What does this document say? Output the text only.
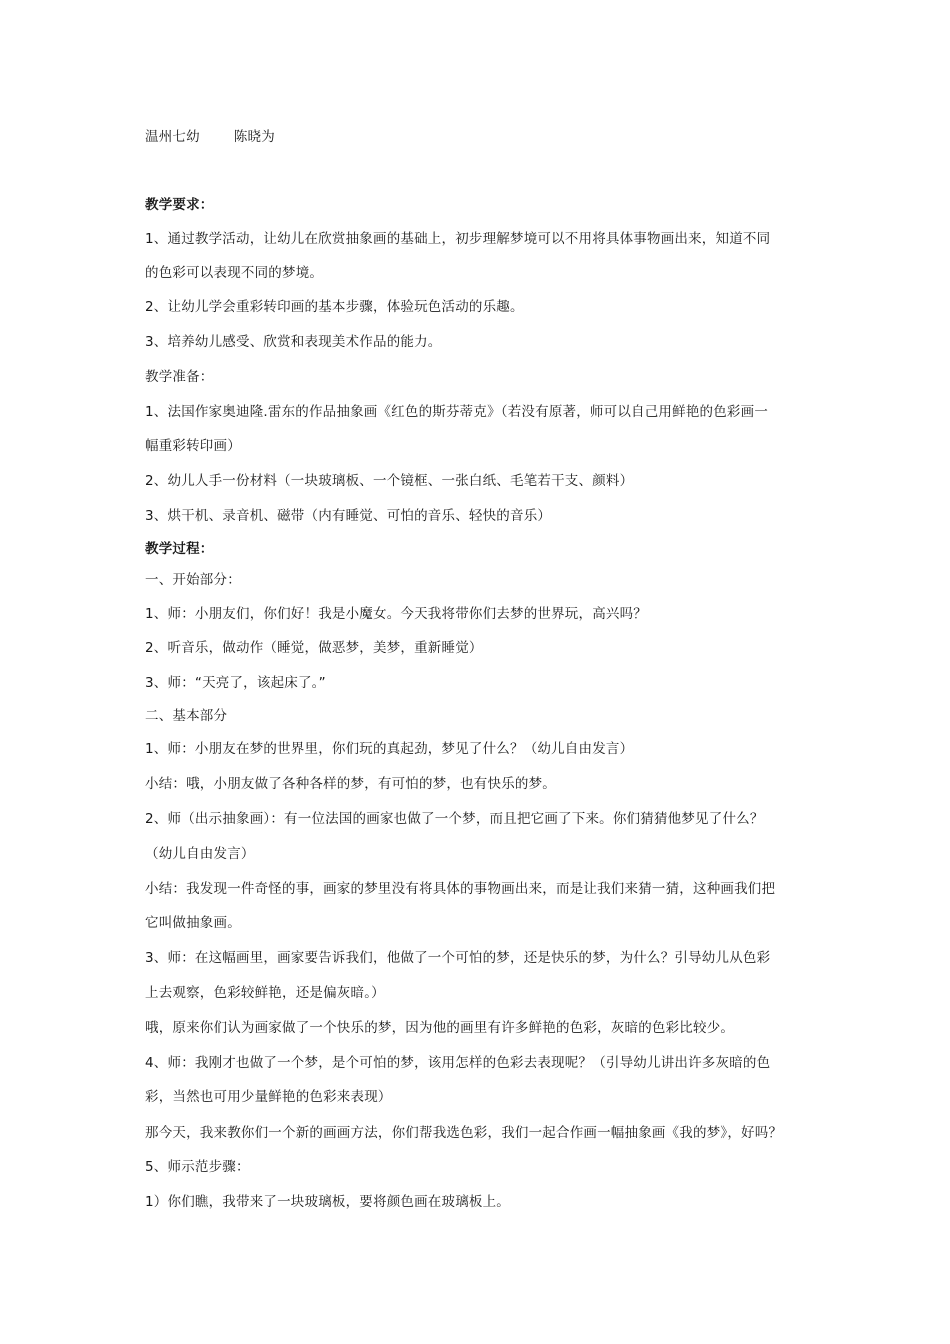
温州七幼	陈晓为
教学要求：
1、通过教学活动，让幼儿在欣赏抽象画的基础上，初步理解梦境可以不用将具体事物画出来，知道不同
的色彩可以表现不同的梦境。
2、让幼儿学会重彩转印画的基本步骤，体验玩色活动的乐趣。
3、培养幼儿感受、欣赏和表现美术作品的能力。
教学准备：
1、法国作家奥迪隆.雷东的作品抽象画《红色的斯芬蒂克》（若没有原著，师可以自己用鲜艳的色彩画一
幅重彩转印画）
2、幼儿人手一份材料（一块玻璃板、一个镜框、一张白纸、毛笔若干支、颜料）
3、烘干机、录音机、磁带（内有睡觉、可怕的音乐、轻快的音乐）
教学过程：
一、开始部分：
1、师：小朋友们，你们好！我是小魔女。今天我将带你们去梦的世界玩，高兴吗？
2、听音乐，做动作（睡觉，做恶梦，美梦，重新睡觉）
3、师：“天亮了，该起床了。”
二、基本部分
1、师：小朋友在梦的世界里，你们玩的真起劲，梦见了什么？（幼儿自由发言）
小结：哦，小朋友做了各种各样的梦，有可怕的梦，也有快乐的梦。
2、师（出示抽象画）：有一位法国的画家也做了一个梦，而且把它画了下来。你们猜猜他梦见了什么？
（幼儿自由发言）
小结：我发现一件奇怪的事，画家的梦里没有将具体的事物画出来，而是让我们来猜一猜，这种画我们把
它叫做抽象画。
3、师：在这幅画里，画家要告诉我们，他做了一个可怕的梦，还是快乐的梦，为什么？引导幼儿从色彩
上去观察，色彩较鲜艳，还是偏灰暗。）
哦，原来你们认为画家做了一个快乐的梦，因为他的画里有许多鲜艳的色彩，灰暗的色彩比较少。
4、师：我刚才也做了一个梦，是个可怕的梦，该用怎样的色彩去表现呢？（引导幼儿讲出许多灰暗的色
彩，当然也可用少量鲜艳的色彩来表现）
那今天，我来教你们一个新的画画方法，你们帮我选色彩，我们一起合作画一幅抽象画《我的梦》，好吗？
5、师示范步骤：
1）你们瞧，我带来了一块玻璃板，要将颜色画在玻璃板上。
